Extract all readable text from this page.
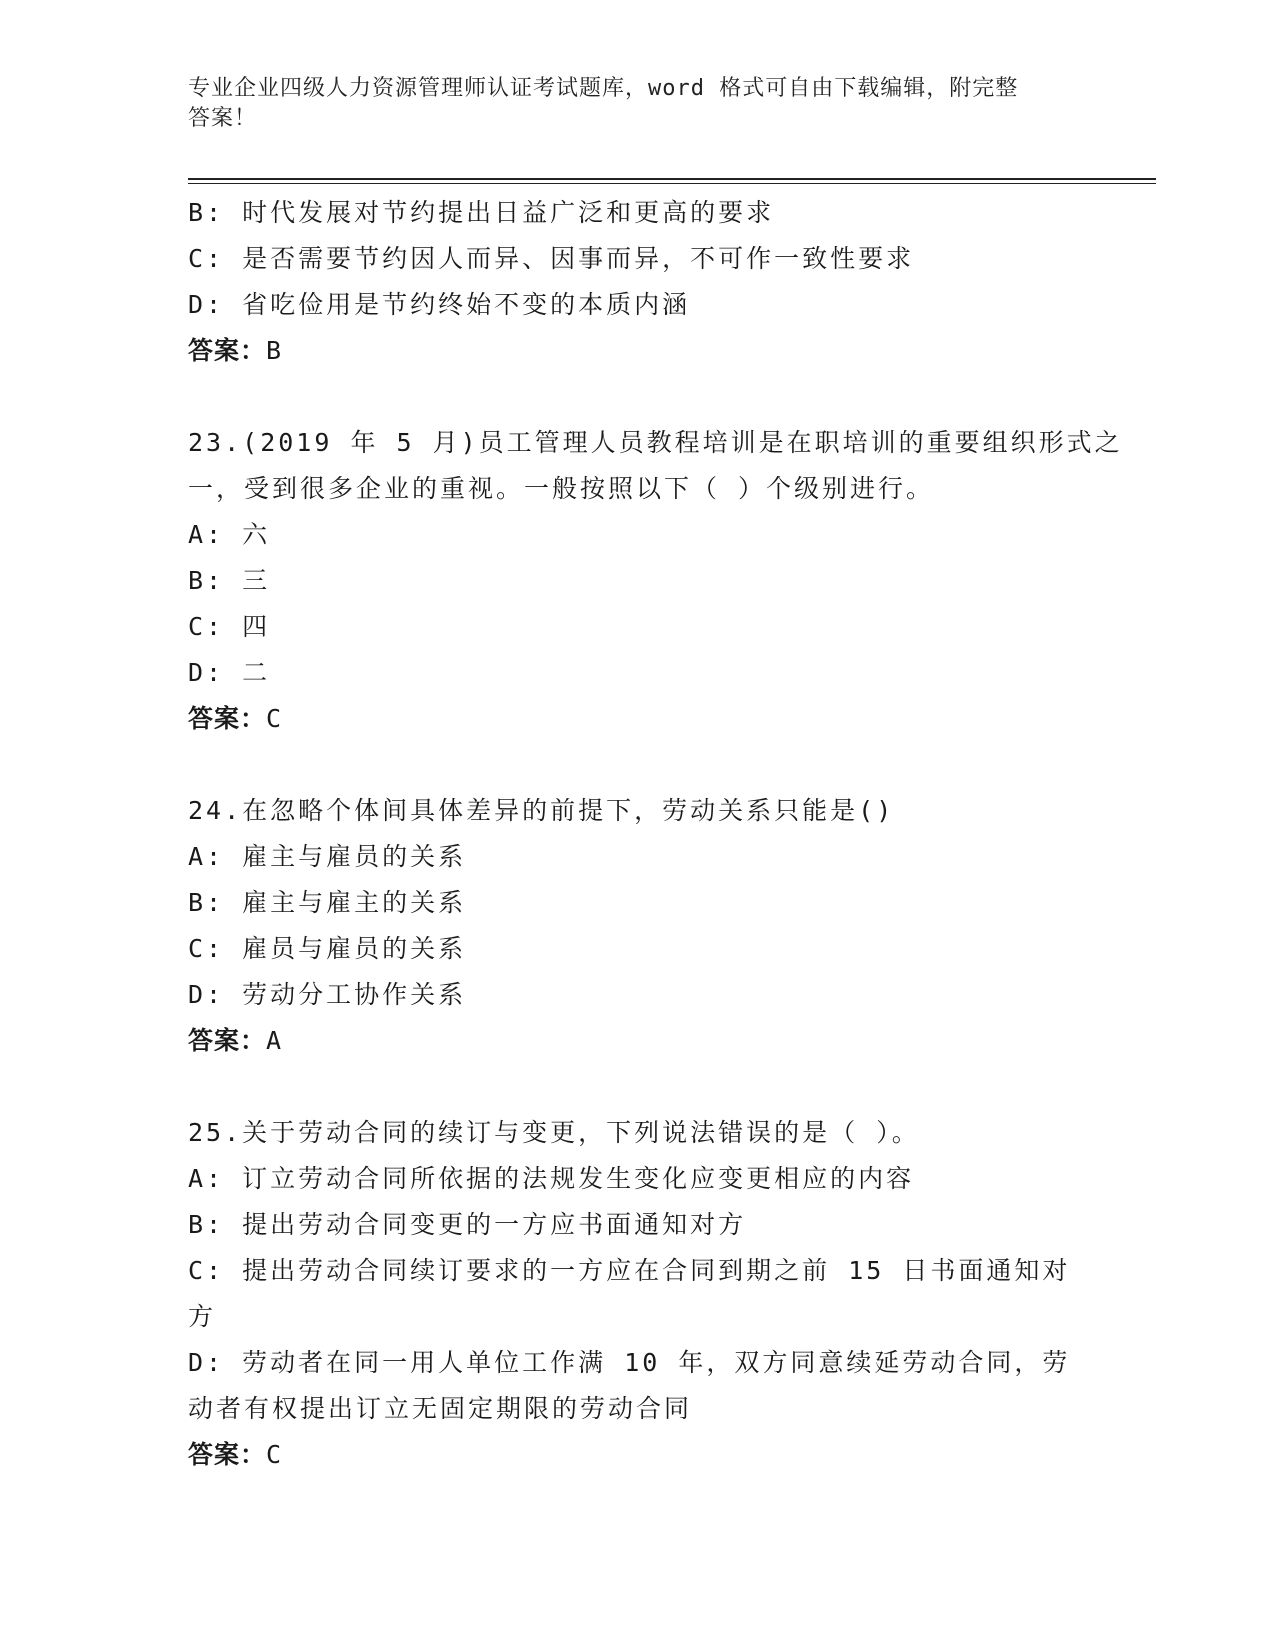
专业企业四级人力资源管理师认证考试题库，word 格式可自由下载编辑，附完整
答案！
B: 时代发展对节约提出日益广泛和更高的要求
C: 是否需要节约因人而异、因事而异，不可作一致性要求
D: 省吃俭用是节约终始不变的本质内涵
答案：B
23.(2019 年 5 月)员工管理人员教程培训是在职培训的重要组织形式之
一，受到很多企业的重视。一般按照以下（ ）个级别进行。
A: 六
B: 三
C: 四
D: 二
答案：C
24.在忽略个体间具体差异的前提下，劳动关系只能是()
A: 雇主与雇员的关系
B: 雇主与雇主的关系
C: 雇员与雇员的关系
D: 劳动分工协作关系
答案：A
25.关于劳动合同的续订与变更，下列说法错误的是（ ）。
A: 订立劳动合同所依据的法规发生变化应变更相应的内容
B: 提出劳动合同变更的一方应书面通知对方
C: 提出劳动合同续订要求的一方应在合同到期之前 15 日书面通知对
方
D: 劳动者在同一用人单位工作满 10 年，双方同意续延劳动合同，劳
动者有权提出订立无固定期限的劳动合同
答案：C
